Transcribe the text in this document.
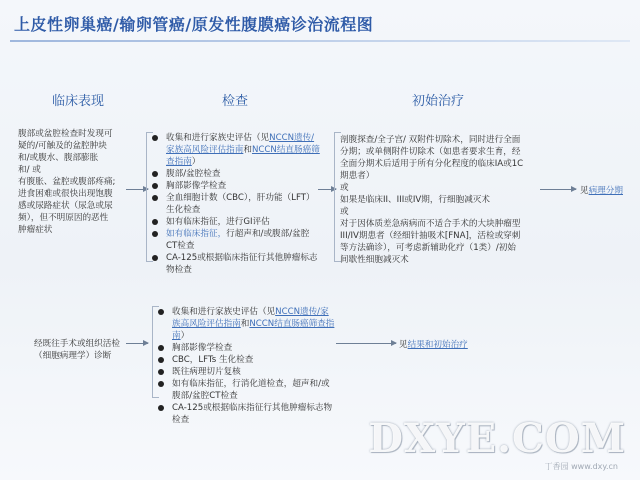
上皮性卵巢癌/输卵管癌/原发性腹膜癌诊治流程图
临床表现	检查	初始治疗

腹部或盆腔检查时发现可

疑的/可触及的盆腔肿块

和/或腹水、腹部膨胀

和/ 或

有腹胀、盆腔或腹部疼痛;

进食困难或很快出现饱腹

感或尿路症状（尿急或尿

频），但不明原因的恶性

肿瘤症状

收集和进行家族史评估（见NCCN遗传/家族高风险评估指南和NCCN结直肠癌筛查指南）
腹部/盆腔检查
胸部影像学检查
全血细胞计数（CBC），肝功能（LFT）生化检查
如有临床指征，进行GI评估
如有临床指征，行超声和/或腹部/盆腔CT检查
CA-125或根据临床指征行其他肿瘤标志物检查

剖腹探查/全子宫/ 双附件切除术，同时进行全面

分期；或单侧附件切除术（如患者要求生育，经

全面分期术后适用于所有分化程度的临床IA或1C

期患者）

或

如果是临床II、III或IV期，行细胞减灭术

或

对于因体质差急病病而不适合手术的大块肿瘤型

III/IV期患者（经细针抽吸术[FNA]，活检或穿刺

等方法确诊），可考虑新辅助化疗（1类）/初始

间歇性细胞减灭术

见病理分期

经既往手术或组织活检

（细胞病理学）诊断

收集和进行家族史评估（见NCCN遗传/家族高风险评估指南和NCCN结直肠癌筛查指南）
胸部影像学检查
CBC，LFTs 生化检查
既往病理切片复核
如有临床指征，行消化道检查，超声和/或腹部/盆腔CT检查
CA-125或根据临床指征行其他肿瘤标志物检查
见结果和初始治疗
DXYE.COM
丁香园 www.dxy.cn
